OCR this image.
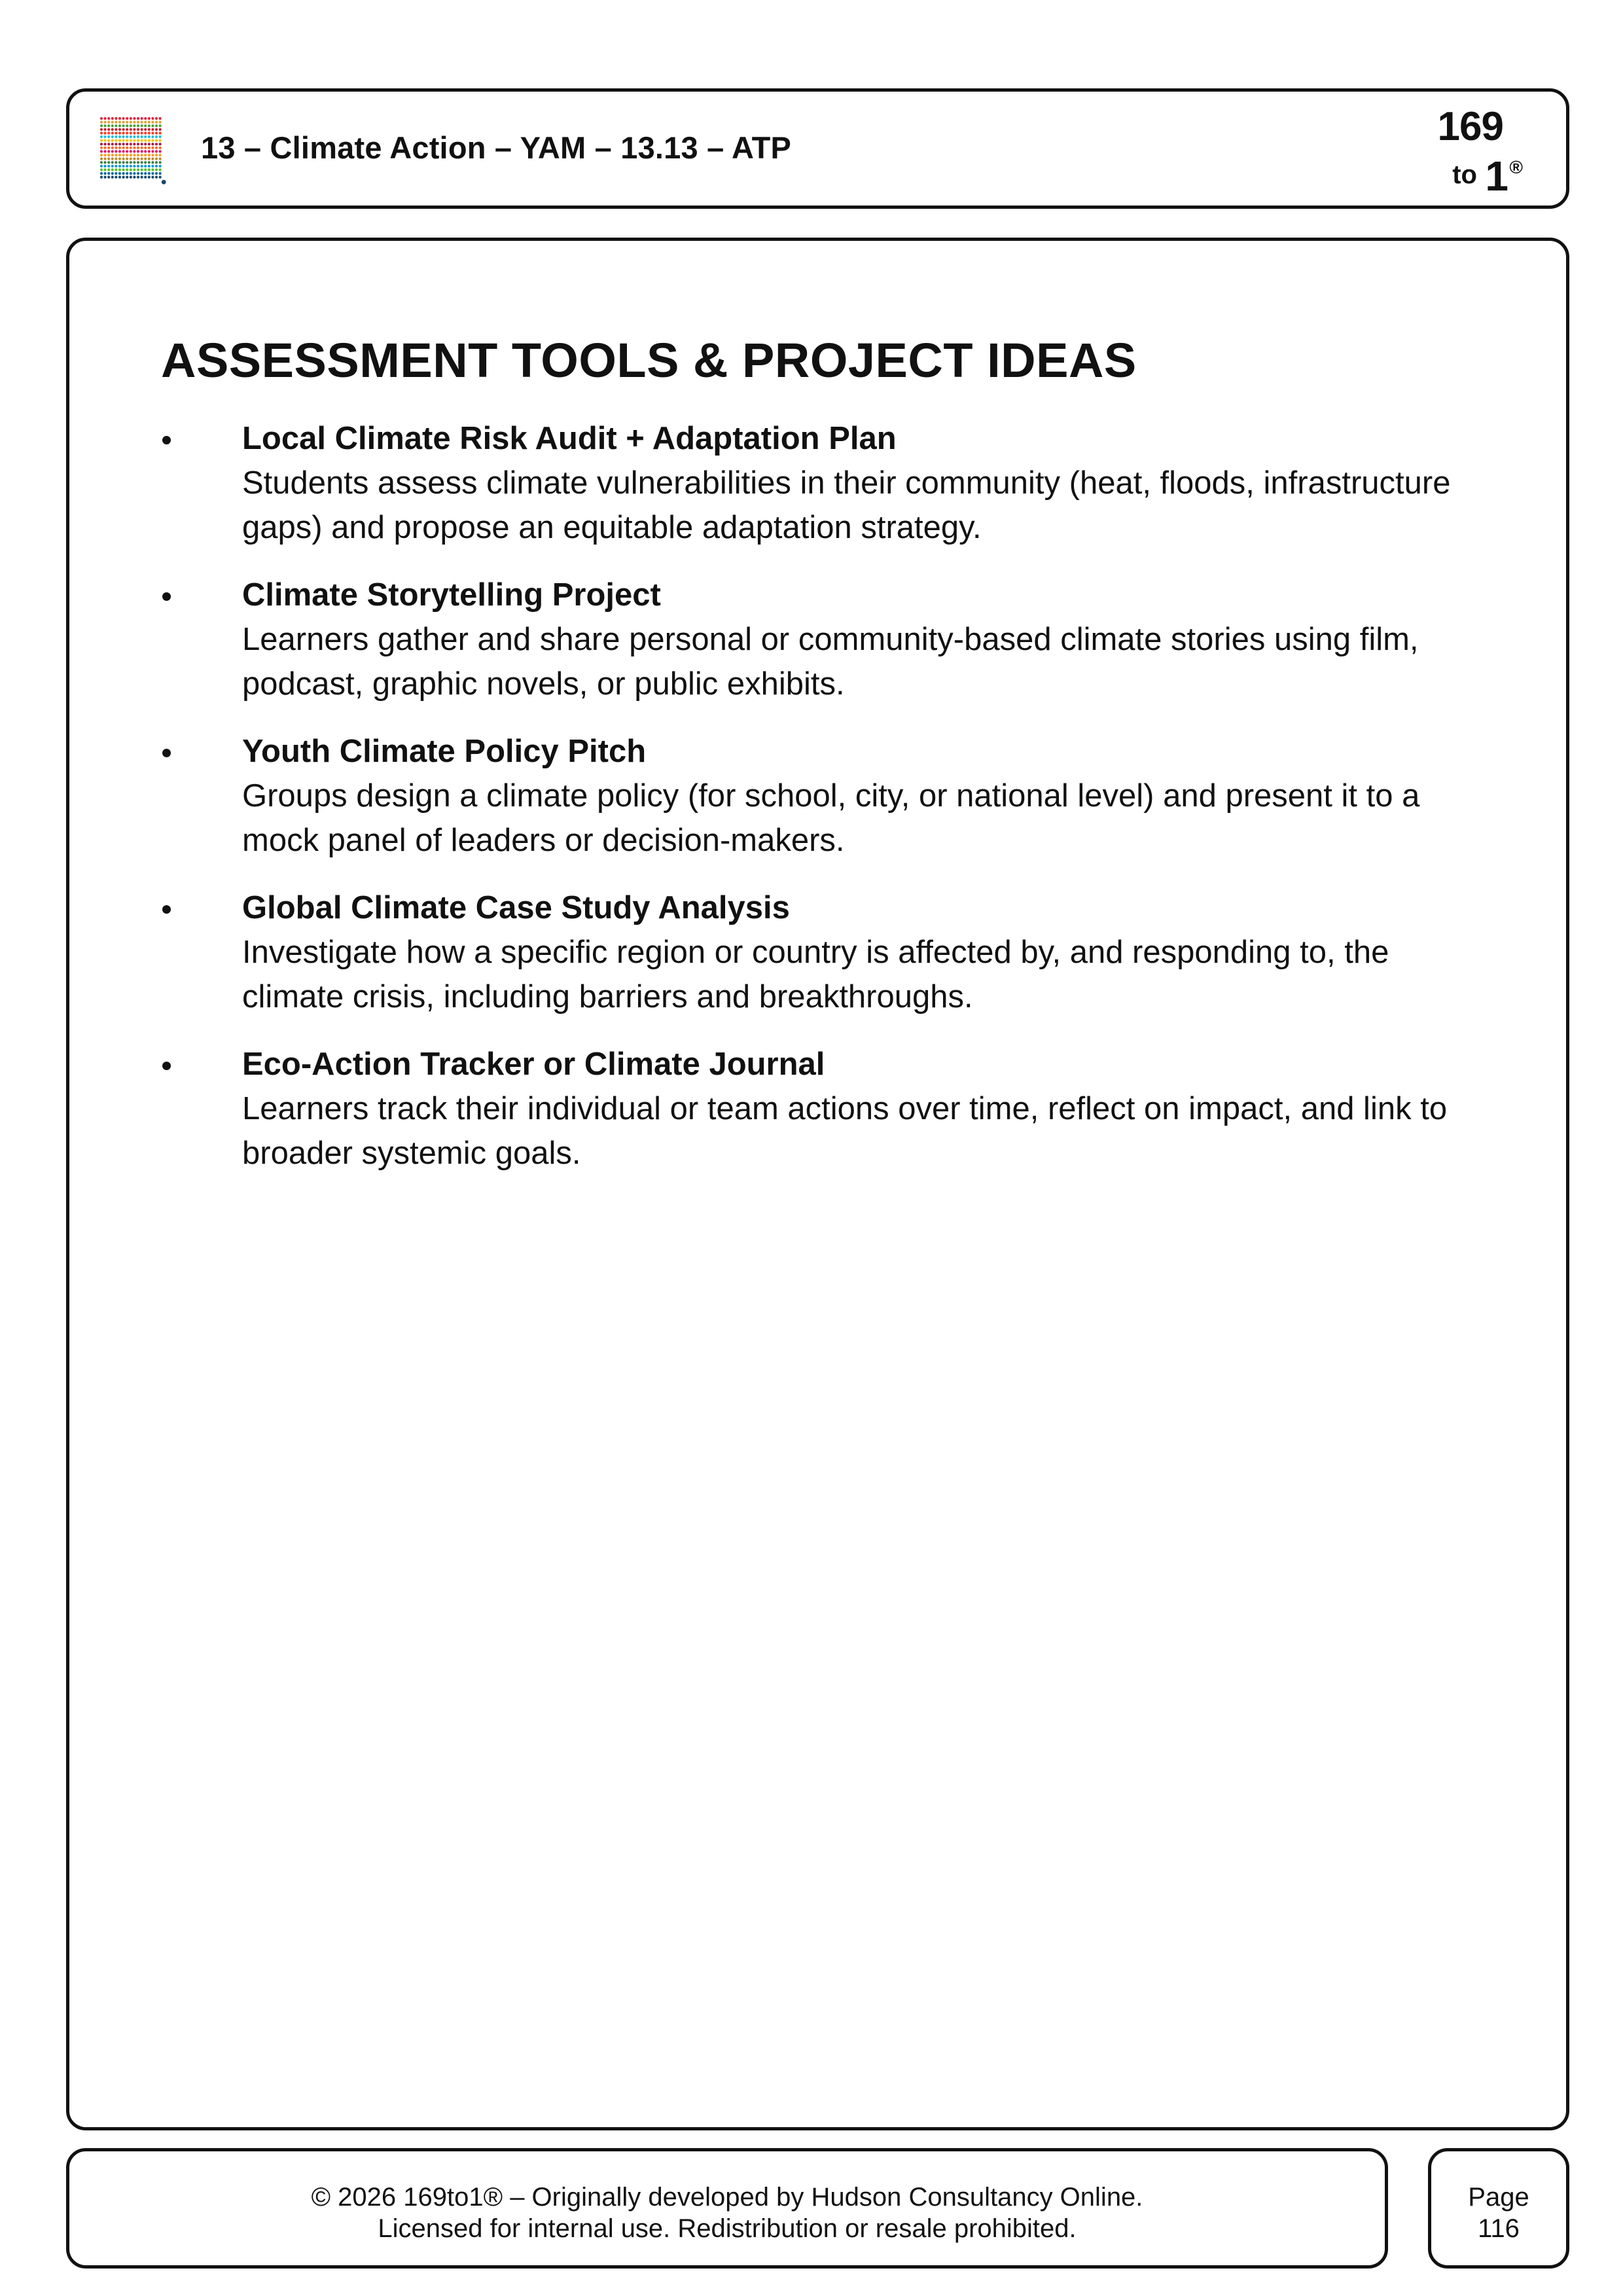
13 – Climate Action – YAM – 13.13 – ATP	169
to 1 ®
ASSESSMENT TOOLS & PROJECT IDEAS
Local Climate Risk Audit + Adaptation Plan
Students assess climate vulnerabilities in their community (heat, floods, infrastructure gaps) and propose an equitable adaptation strategy.
Climate Storytelling Project
Learners gather and share personal or community-based climate stories using film, podcast, graphic novels, or public exhibits.
Youth Climate Policy Pitch
Groups design a climate policy (for school, city, or national level) and present it to a mock panel of leaders or decision-makers.
Global Climate Case Study Analysis
Investigate how a specific region or country is affected by, and responding to, the climate crisis, including barriers and breakthroughs.
Eco-Action Tracker or Climate Journal
Learners track their individual or team actions over time, reflect on impact, and link to broader systemic goals.
© 2026 169to1® – Originally developed by Hudson Consultancy Online.
Licensed for internal use. Redistribution or resale prohibited.
Page
116
